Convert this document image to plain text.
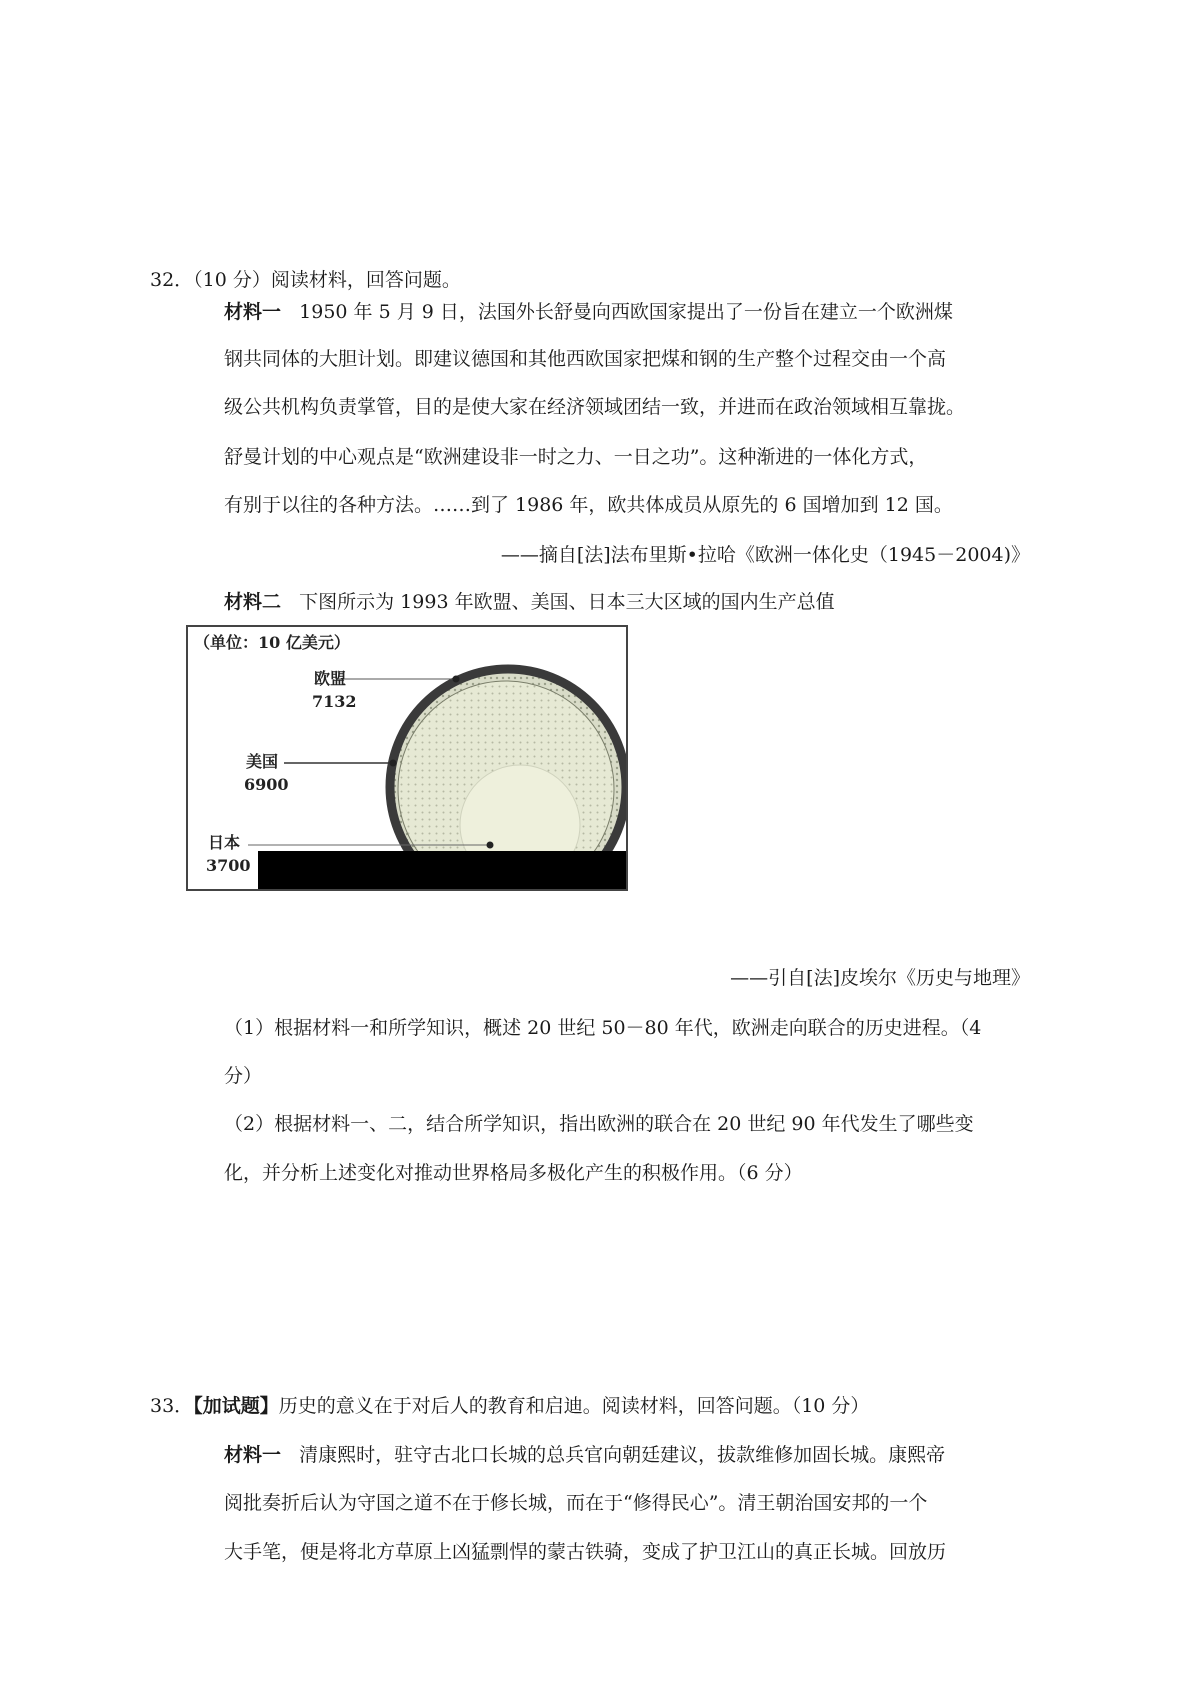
32．（10 分）阅读材料，回答问题。
材料一 1950 年 5 月 9 日，法国外长舒曼向西欧国家提出了一份旨在建立一个欧洲煤
钢共同体的大胆计划。即建议德国和其他西欧国家把煤和钢的生产整个过程交由一个高
级公共机构负责掌管，目的是使大家在经济领域团结一致，并进而在政治领域相互靠拢。
舒曼计划的中心观点是“欧洲建设非一时之力、一日之功”。这种渐进的一体化方式，
有别于以往的各种方法。……到了 1986 年，欧共体成员从原先的 6 国增加到 12 国。
——摘自[法]法布里斯•拉哈《欧洲一体化史（1945－2004)》
材料二 下图所示为 1993 年欧盟、美国、日本三大区域的国内生产总值
（单位：10 亿美元）
欧盟
7132
美国
6900
日本
3700
——引自[法]皮埃尔《历史与地理》
（1）根据材料一和所学知识，概述 20 世纪 50－80 年代，欧洲走向联合的历史进程。（4
分）
（2）根据材料一、二，结合所学知识，指出欧洲的联合在 20 世纪 90 年代发生了哪些变
化，并分析上述变化对推动世界格局多极化产生的积极作用。（6 分）
33．【加试题】历史的意义在于对后人的教育和启迪。阅读材料，回答问题。（10 分）
材料一 清康熙时，驻守古北口长城的总兵官向朝廷建议，拔款维修加固长城。康熙帝
阅批奏折后认为守国之道不在于修长城，而在于“修得民心”。清王朝治国安邦的一个
大手笔，便是将北方草原上凶猛剽悍的蒙古铁骑，变成了护卫江山的真正长城。回放历
